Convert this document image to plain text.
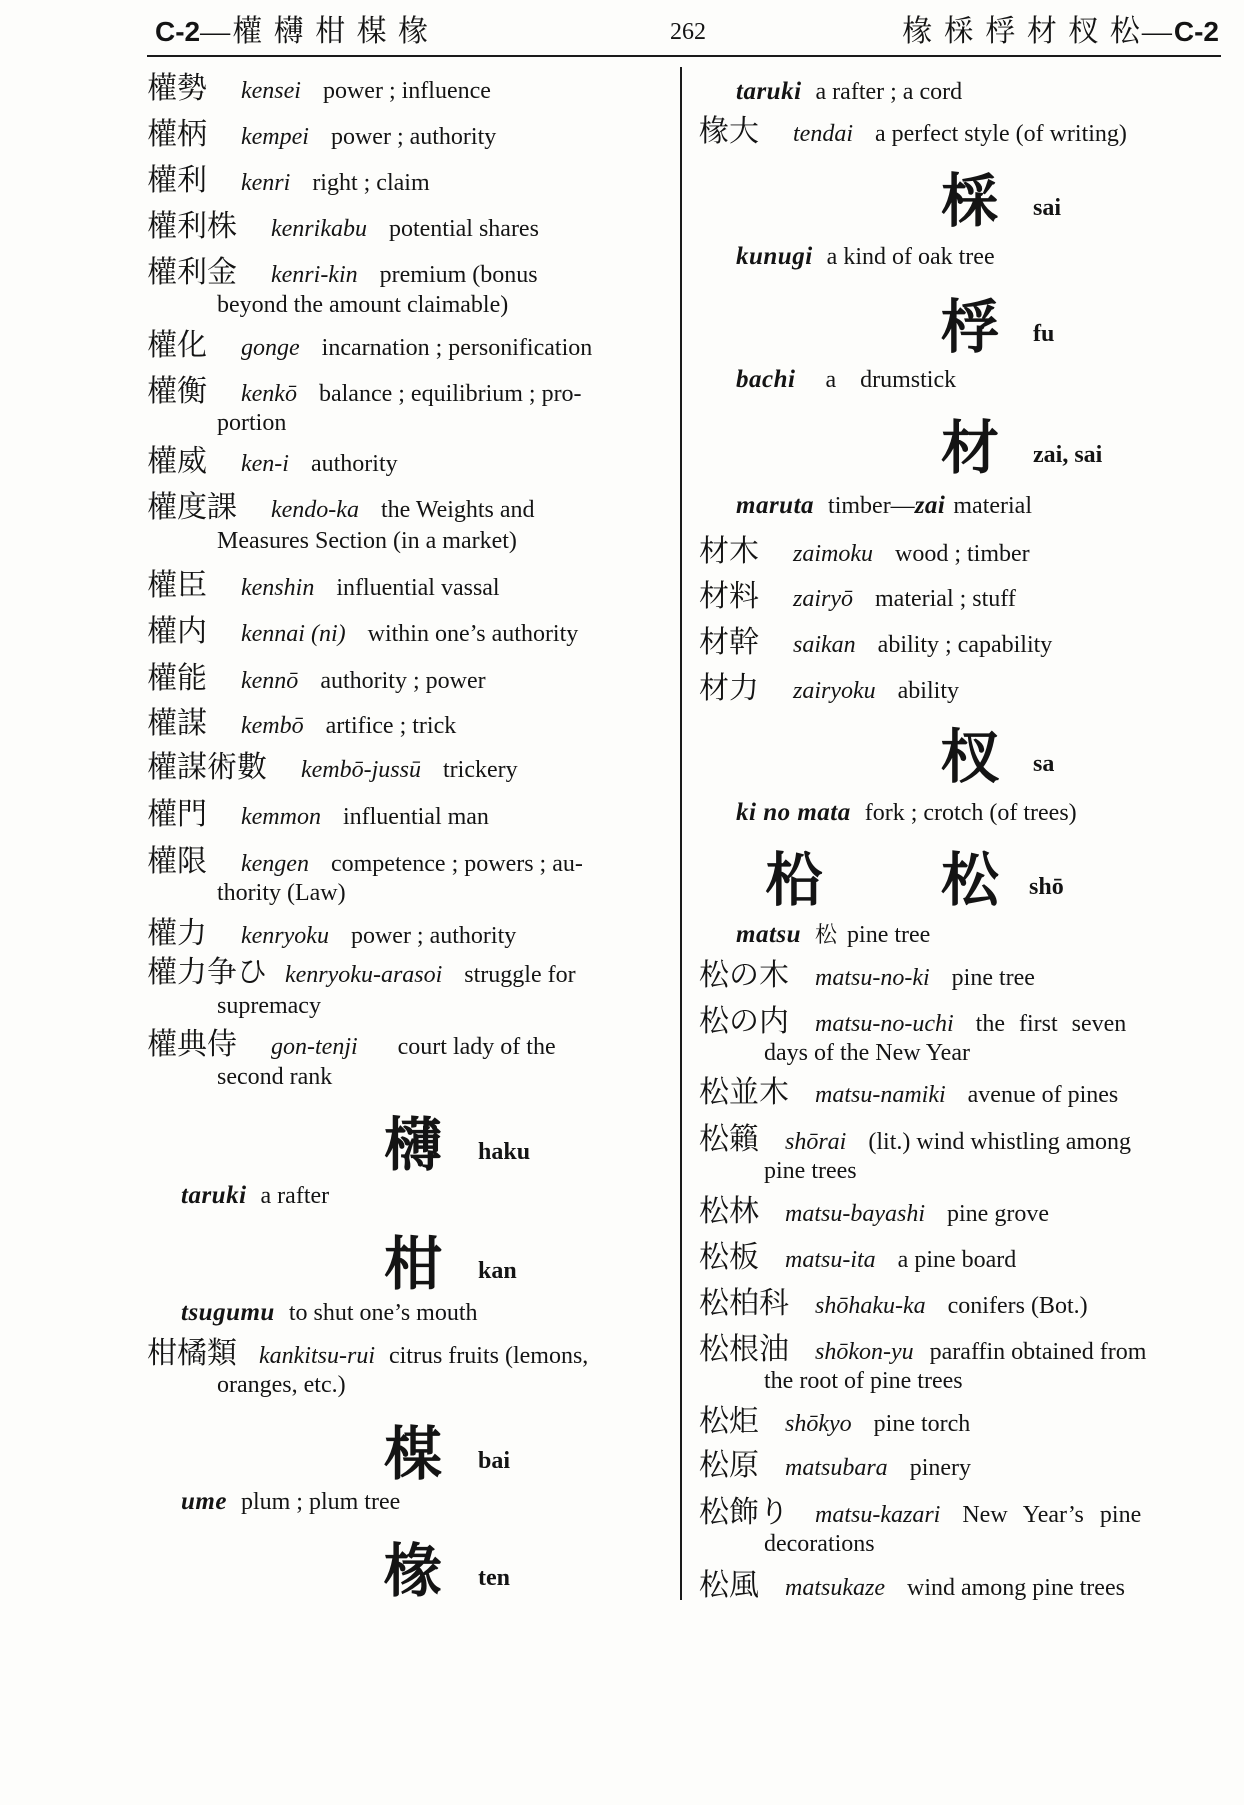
C-2—權 欂 柑 楳 椽	262	椽 棌 桴 材 杈 松—C-2
權勢 kensei power ; influence
權柄 kempei power ; authority
權利 kenri right ; claim
權利株 kenrikabu potential shares
權利金 kenri-kin premium (bonus
beyond the amount claimable)
權化 gonge incarnation ; personification
權衡 kenkō balance ; equilibrium ; pro-
portion
權威 ken-i authority
權度課 kendo-ka the Weights and
Measures Section (in a market)
權臣 kenshin influential vassal
權内 kennai (ni) within one’s authority
權能 kennō authority ; power
權謀 kembō artifice ; trick
權謀術數 kembō-jussū trickery
權門 kemmon influential man
權限 kengen competence ; powers ; au-
thority (Law)
權力 kenryoku power ; authority
權力争ひ kenryoku-arasoi struggle for
supremacy
權典侍 gon-tenji court lady of the
second rank
欂 haku
taruki a rafter
柑 kan
tsugumu to shut one’s mouth
柑橘類 kankitsu-rui citrus fruits (lemons,
oranges, etc.)
楳 bai
ume plum ; plum tree
椽 ten
taruki a rafter ; a cord
椽大 tendai a perfect style (of writing)
棌 sai
kunugi a kind of oak tree
桴 fu
bachi a drumstick
材 zai, sai
maruta timber—zai material
材木 zaimoku wood ; timber
材料 zairyō material ; stuff
材幹 saikan ability ; capability
材力 zairyoku ability
杈 sa
ki no mata fork ; crotch (of trees)
柗 松 shō
matsu 松 pine tree
松の木 matsu-no-ki pine tree
松の内 matsu-no-uchi the first seven
days of the New Year
松並木 matsu-namiki avenue of pines
松籟 shōrai (lit.) wind whistling among
pine trees
松林 matsu-bayashi pine grove
松板 matsu-ita a pine board
松柏科 shōhaku-ka conifers (Bot.)
松根油 shōkon-yu paraffin obtained from
the root of pine trees
松炬 shōkyo pine torch
松原 matsubara pinery
松飾り matsu-kazari New Year’s pine
decorations
松風 matsukaze wind among pine trees
